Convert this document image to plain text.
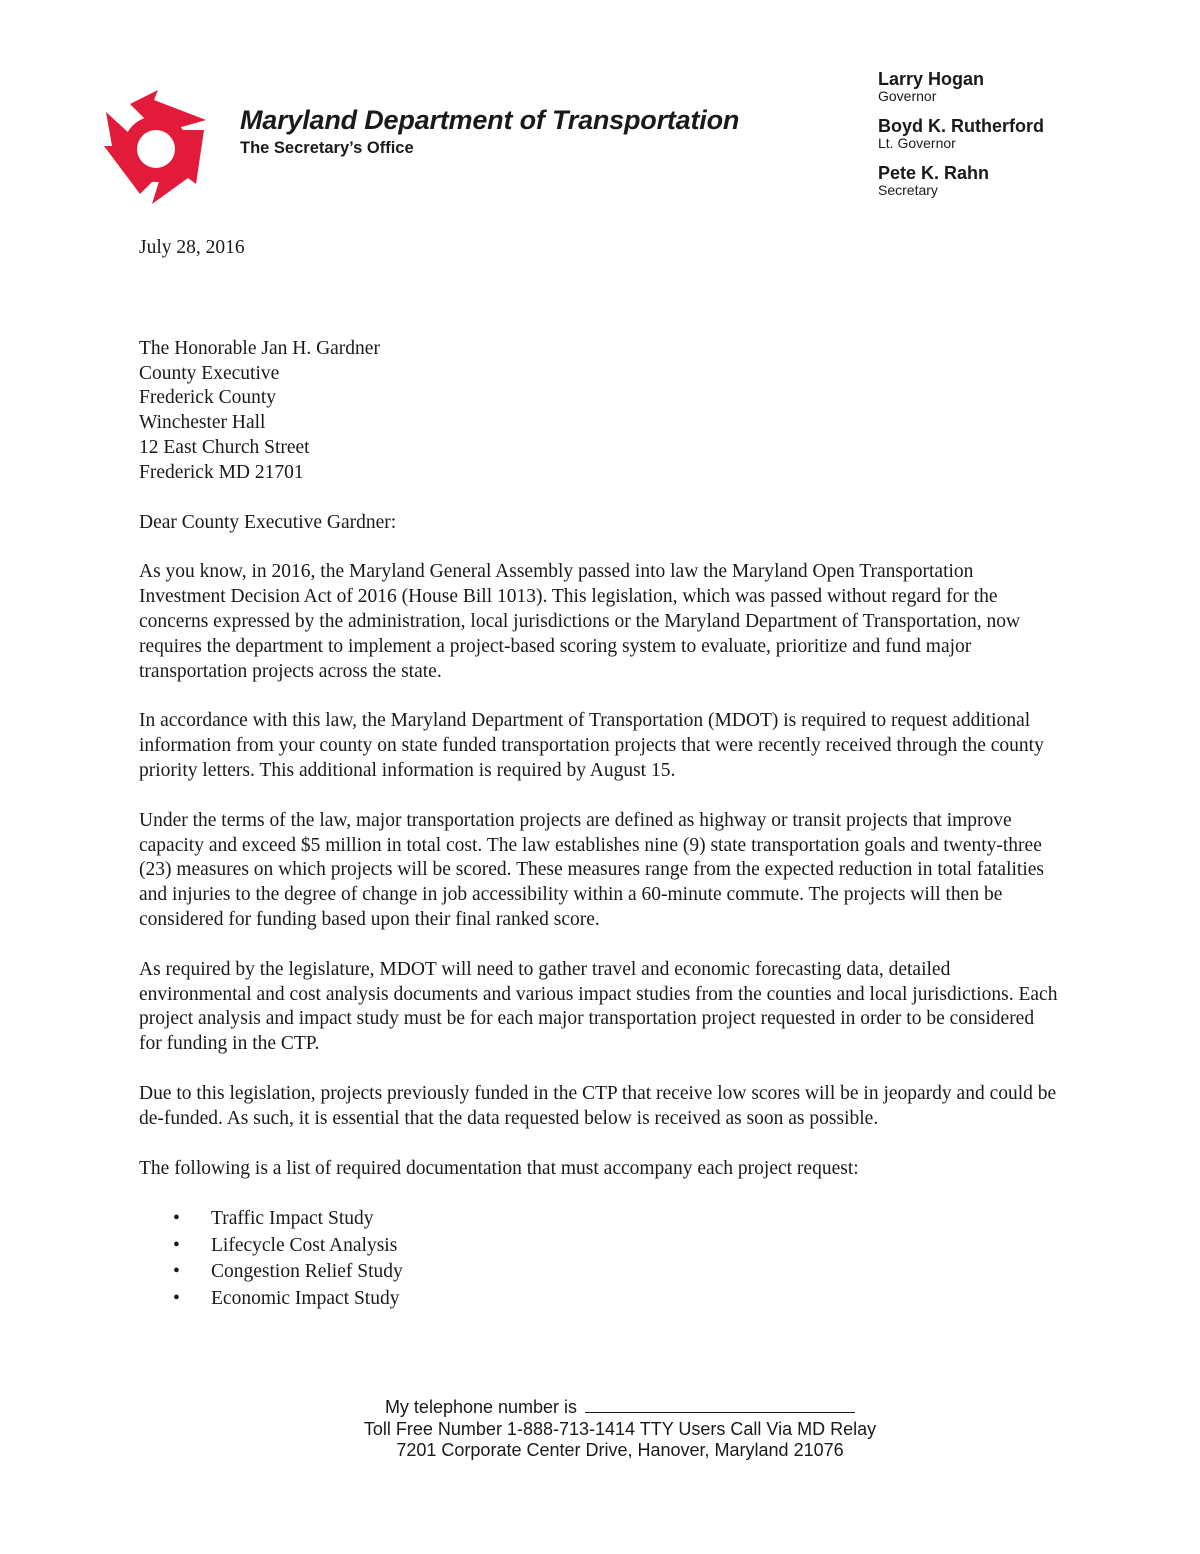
Maryland Department of Transportation
The Secretary’s Office
Larry Hogan
Governor
Boyd K. Rutherford
Lt. Governor
Pete K. Rahn
Secretary
July 28, 2016
The Honorable Jan H. Gardner
County Executive
Frederick County
Winchester Hall
12 East Church Street
Frederick MD 21701
Dear County Executive Gardner:

As you know, in 2016, the Maryland General Assembly passed into law the Maryland Open Transportation Investment Decision Act of 2016 (House Bill 1013). This legislation, which was passed without regard for the concerns expressed by the administration, local jurisdictions or the Maryland Department of Transportation, now requires the department to implement a project-based scoring system to evaluate, prioritize and fund major transportation projects across the state.

In accordance with this law, the Maryland Department of Transportation (MDOT) is required to request additional information from your county on state funded transportation projects that were recently received through the county priority letters. This additional information is required by August 15.

Under the terms of the law, major transportation projects are defined as highway or transit projects that improve capacity and exceed $5 million in total cost. The law establishes nine (9) state transportation goals and twenty-three (23) measures on which projects will be scored. These measures range from the expected reduction in total fatalities and injuries to the degree of change in job accessibility within a 60-minute commute. The projects will then be considered for funding based upon their final ranked score.

As required by the legislature, MDOT will need to gather travel and economic forecasting data, detailed environmental and cost analysis documents and various impact studies from the counties and local jurisdictions. Each project analysis and impact study must be for each major transportation project requested in order to be considered for funding in the CTP.

Due to this legislation, projects previously funded in the CTP that receive low scores will be in jeopardy and could be de-funded. As such, it is essential that the data requested below is received as soon as possible.

The following is a list of required documentation that must accompany each project request:

• Traffic Impact Study
• Lifecycle Cost Analysis
• Congestion Relief Study
• Economic Impact Study
My telephone number is
Toll Free Number 1-888-713-1414 TTY Users Call Via MD Relay
7201 Corporate Center Drive, Hanover, Maryland 21076
